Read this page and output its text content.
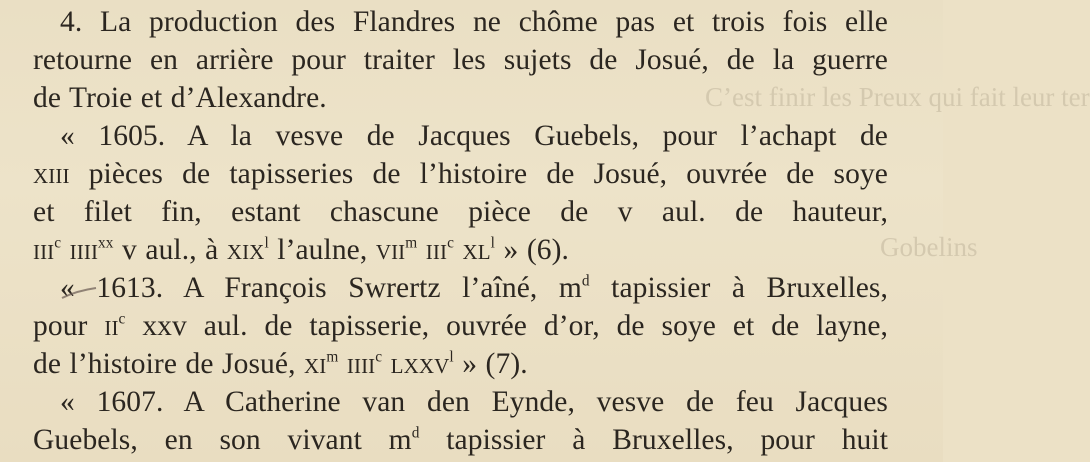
C’est finir les Preux qui fait leur ter
Gobelins
4. La production des Flandres ne chôme pas et trois fois elle
retourne en arrière pour traiter les sujets de Josué, de la guerre
de Troie et d’Alexandre.
« 1605. A la vesve de Jacques Guebels, pour l’achapt de
xiii pièces de tapisseries de l’histoire de Josué, ouvrée de soye
et filet fin, estant chascune pièce de v aul. de hauteur,
iii$^c$ iiii$^{xx}$ v aul., à xix$^l$ l’aulne, vii$^m$ iii$^c$ $xl^l$ » (6).
« 1613. A François Swrertz l’aîné, $m^d$ tapissier à Bruxelles,
pour $ii^c$ xxv aul. de tapisserie, ouvrée d’or, de soye et de layne,
de l’histoire de Josué, $xi^m$ iiii$^c$ lxxv$^l$ » (7).
« 1607. A Catherine van den Eynde, vesve de feu Jacques
Guebels, en son vivant $m^d$ tapissier à Bruxelles, pour huit
